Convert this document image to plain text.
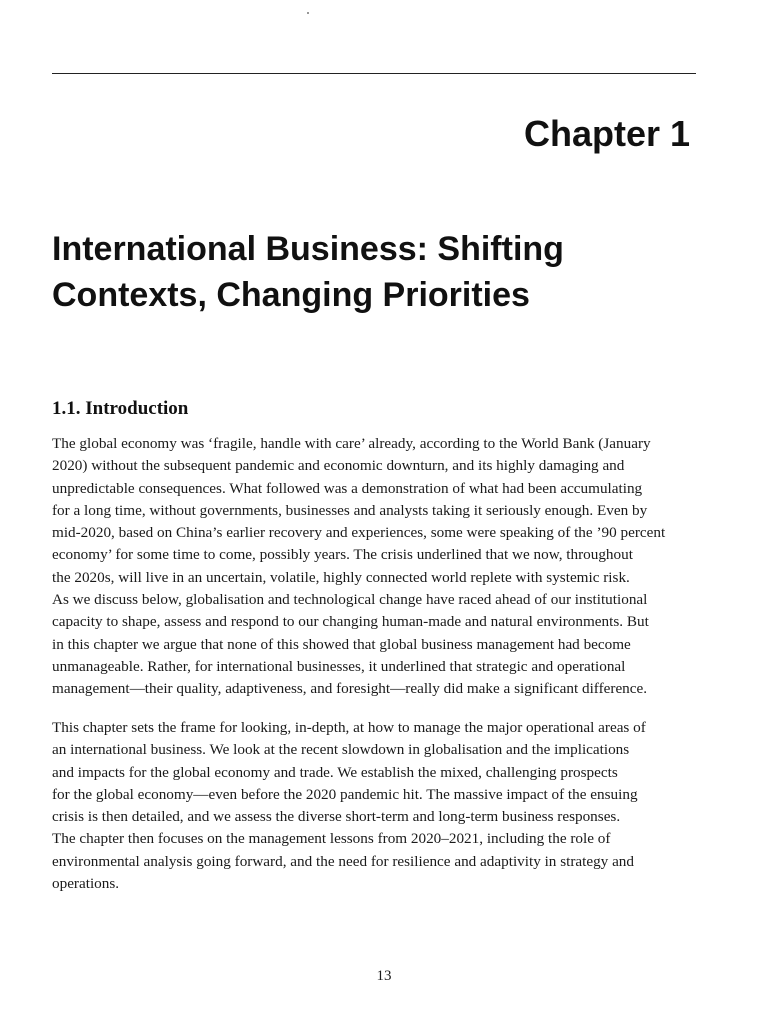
Chapter 1
International Business: Shifting
Contexts, Changing Priorities
1.1. Introduction
The global economy was ‘fragile, handle with care’ already, according to the World Bank (January
2020) without the subsequent pandemic and economic downturn, and its highly damaging and
unpredictable consequences. What followed was a demonstration of what had been accumulating
for a long time, without governments, businesses and analysts taking it seriously enough. Even by
mid-2020, based on China’s earlier recovery and experiences, some were speaking of the ’90 percent
economy’ for some time to come, possibly years. The crisis underlined that we now, throughout
the 2020s, will live in an uncertain, volatile, highly connected world replete with systemic risk.
As we discuss below, globalisation and technological change have raced ahead of our institutional
capacity to shape, assess and respond to our changing human-made and natural environments. But
in this chapter we argue that none of this showed that global business management had become
unmanageable. Rather, for international businesses, it underlined that strategic and operational
management—their quality, adaptiveness, and foresight—really did make a significant difference.
This chapter sets the frame for looking, in-depth, at how to manage the major operational areas of
an international business. We look at the recent slowdown in globalisation and the implications
and impacts for the global economy and trade. We establish the mixed, challenging prospects
for the global economy—even before the 2020 pandemic hit. The massive impact of the ensuing
crisis is then detailed, and we assess the diverse short-term and long-term business responses.
The chapter then focuses on the management lessons from 2020–2021, including the role of
environmental analysis going forward, and the need for resilience and adaptivity in strategy and
operations.
13
